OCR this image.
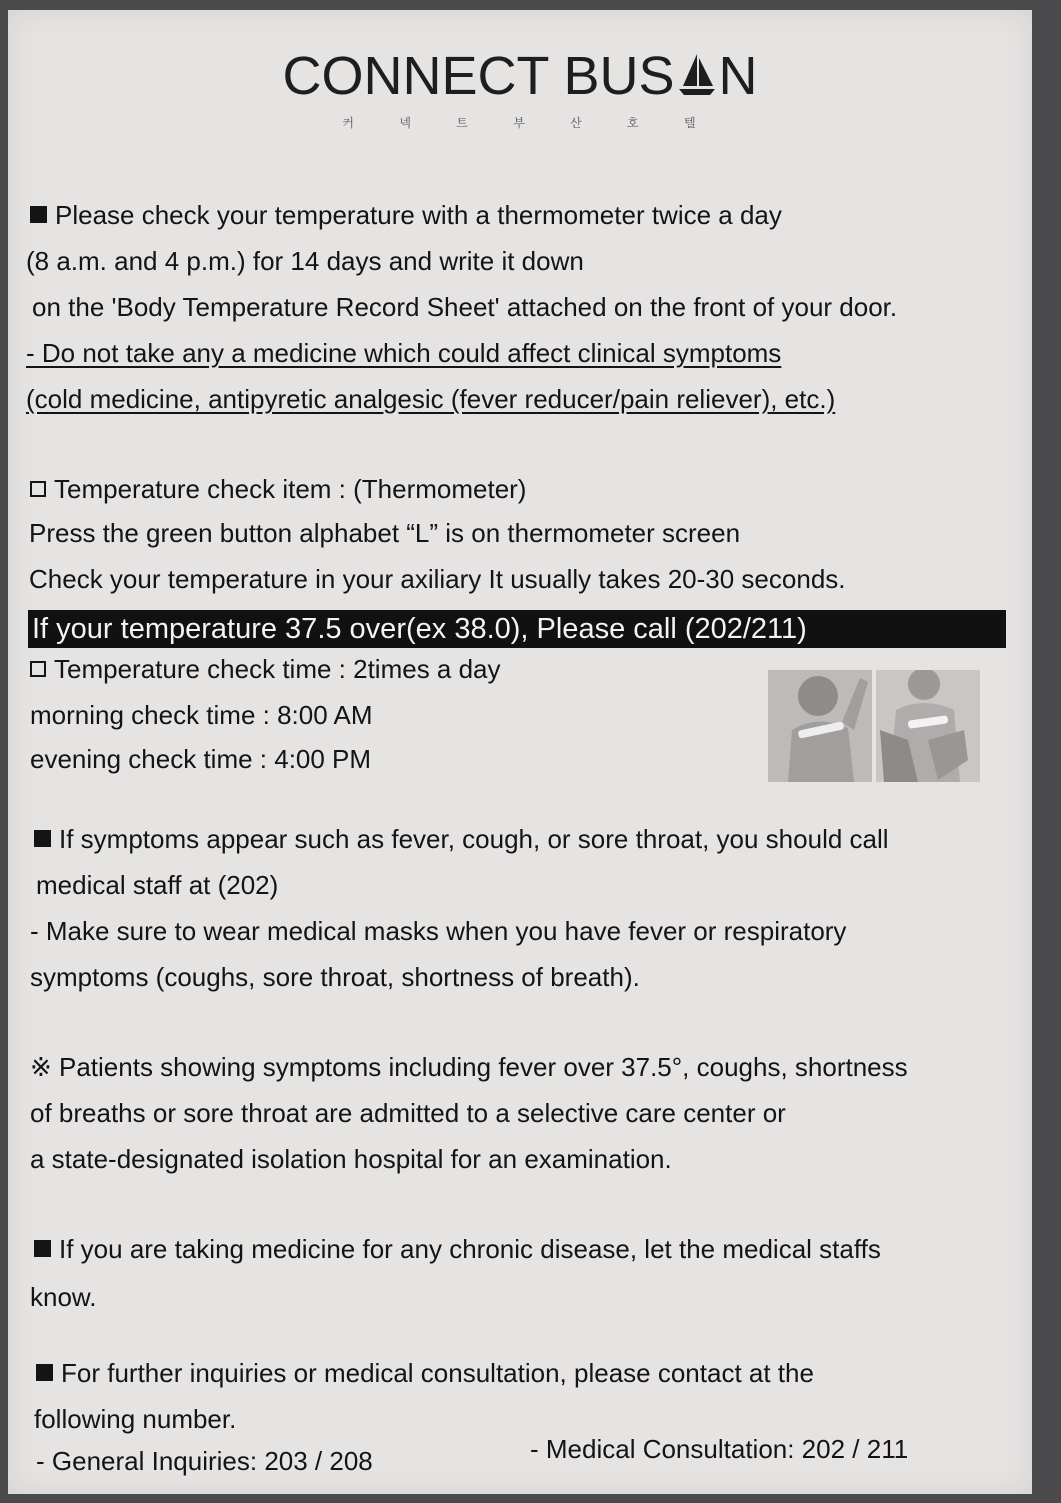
CONNECT BUS N
커 넥 트 부 산 호 텔
Please check your temperature with a thermometer twice a day
(8 a.m. and 4 p.m.) for 14 days and write it down
on the 'Body Temperature Record Sheet' attached on the front of your door.
- Do not take any a medicine which could affect clinical symptoms
(cold medicine, antipyretic analgesic (fever reducer/pain reliever), etc.)
Temperature check item : (Thermometer)
Press the green button alphabet “L” is on thermometer screen
Check your temperature in your axiliary It usually takes 20-30 seconds.
If your temperature 37.5 over(ex 38.0), Please call (202/211)
Temperature check time : 2times a day
morning check time : 8:00 AM
evening check time : 4:00 PM
If symptoms appear such as fever, cough, or sore throat, you should call
medical staff at (202)
- Make sure to wear medical masks when you have fever or respiratory
symptoms (coughs, sore throat, shortness of breath).
※ Patients showing symptoms including fever over 37.5°, coughs, shortness
of breaths or sore throat are admitted to a selective care center or
a state-designated isolation hospital for an examination.
If you are taking medicine for any chronic disease, let the medical staffs
know.
For further inquiries or medical consultation, please contact at the
following number.
- General Inquiries: 203 / 208	- Medical Consultation: 202 / 211
